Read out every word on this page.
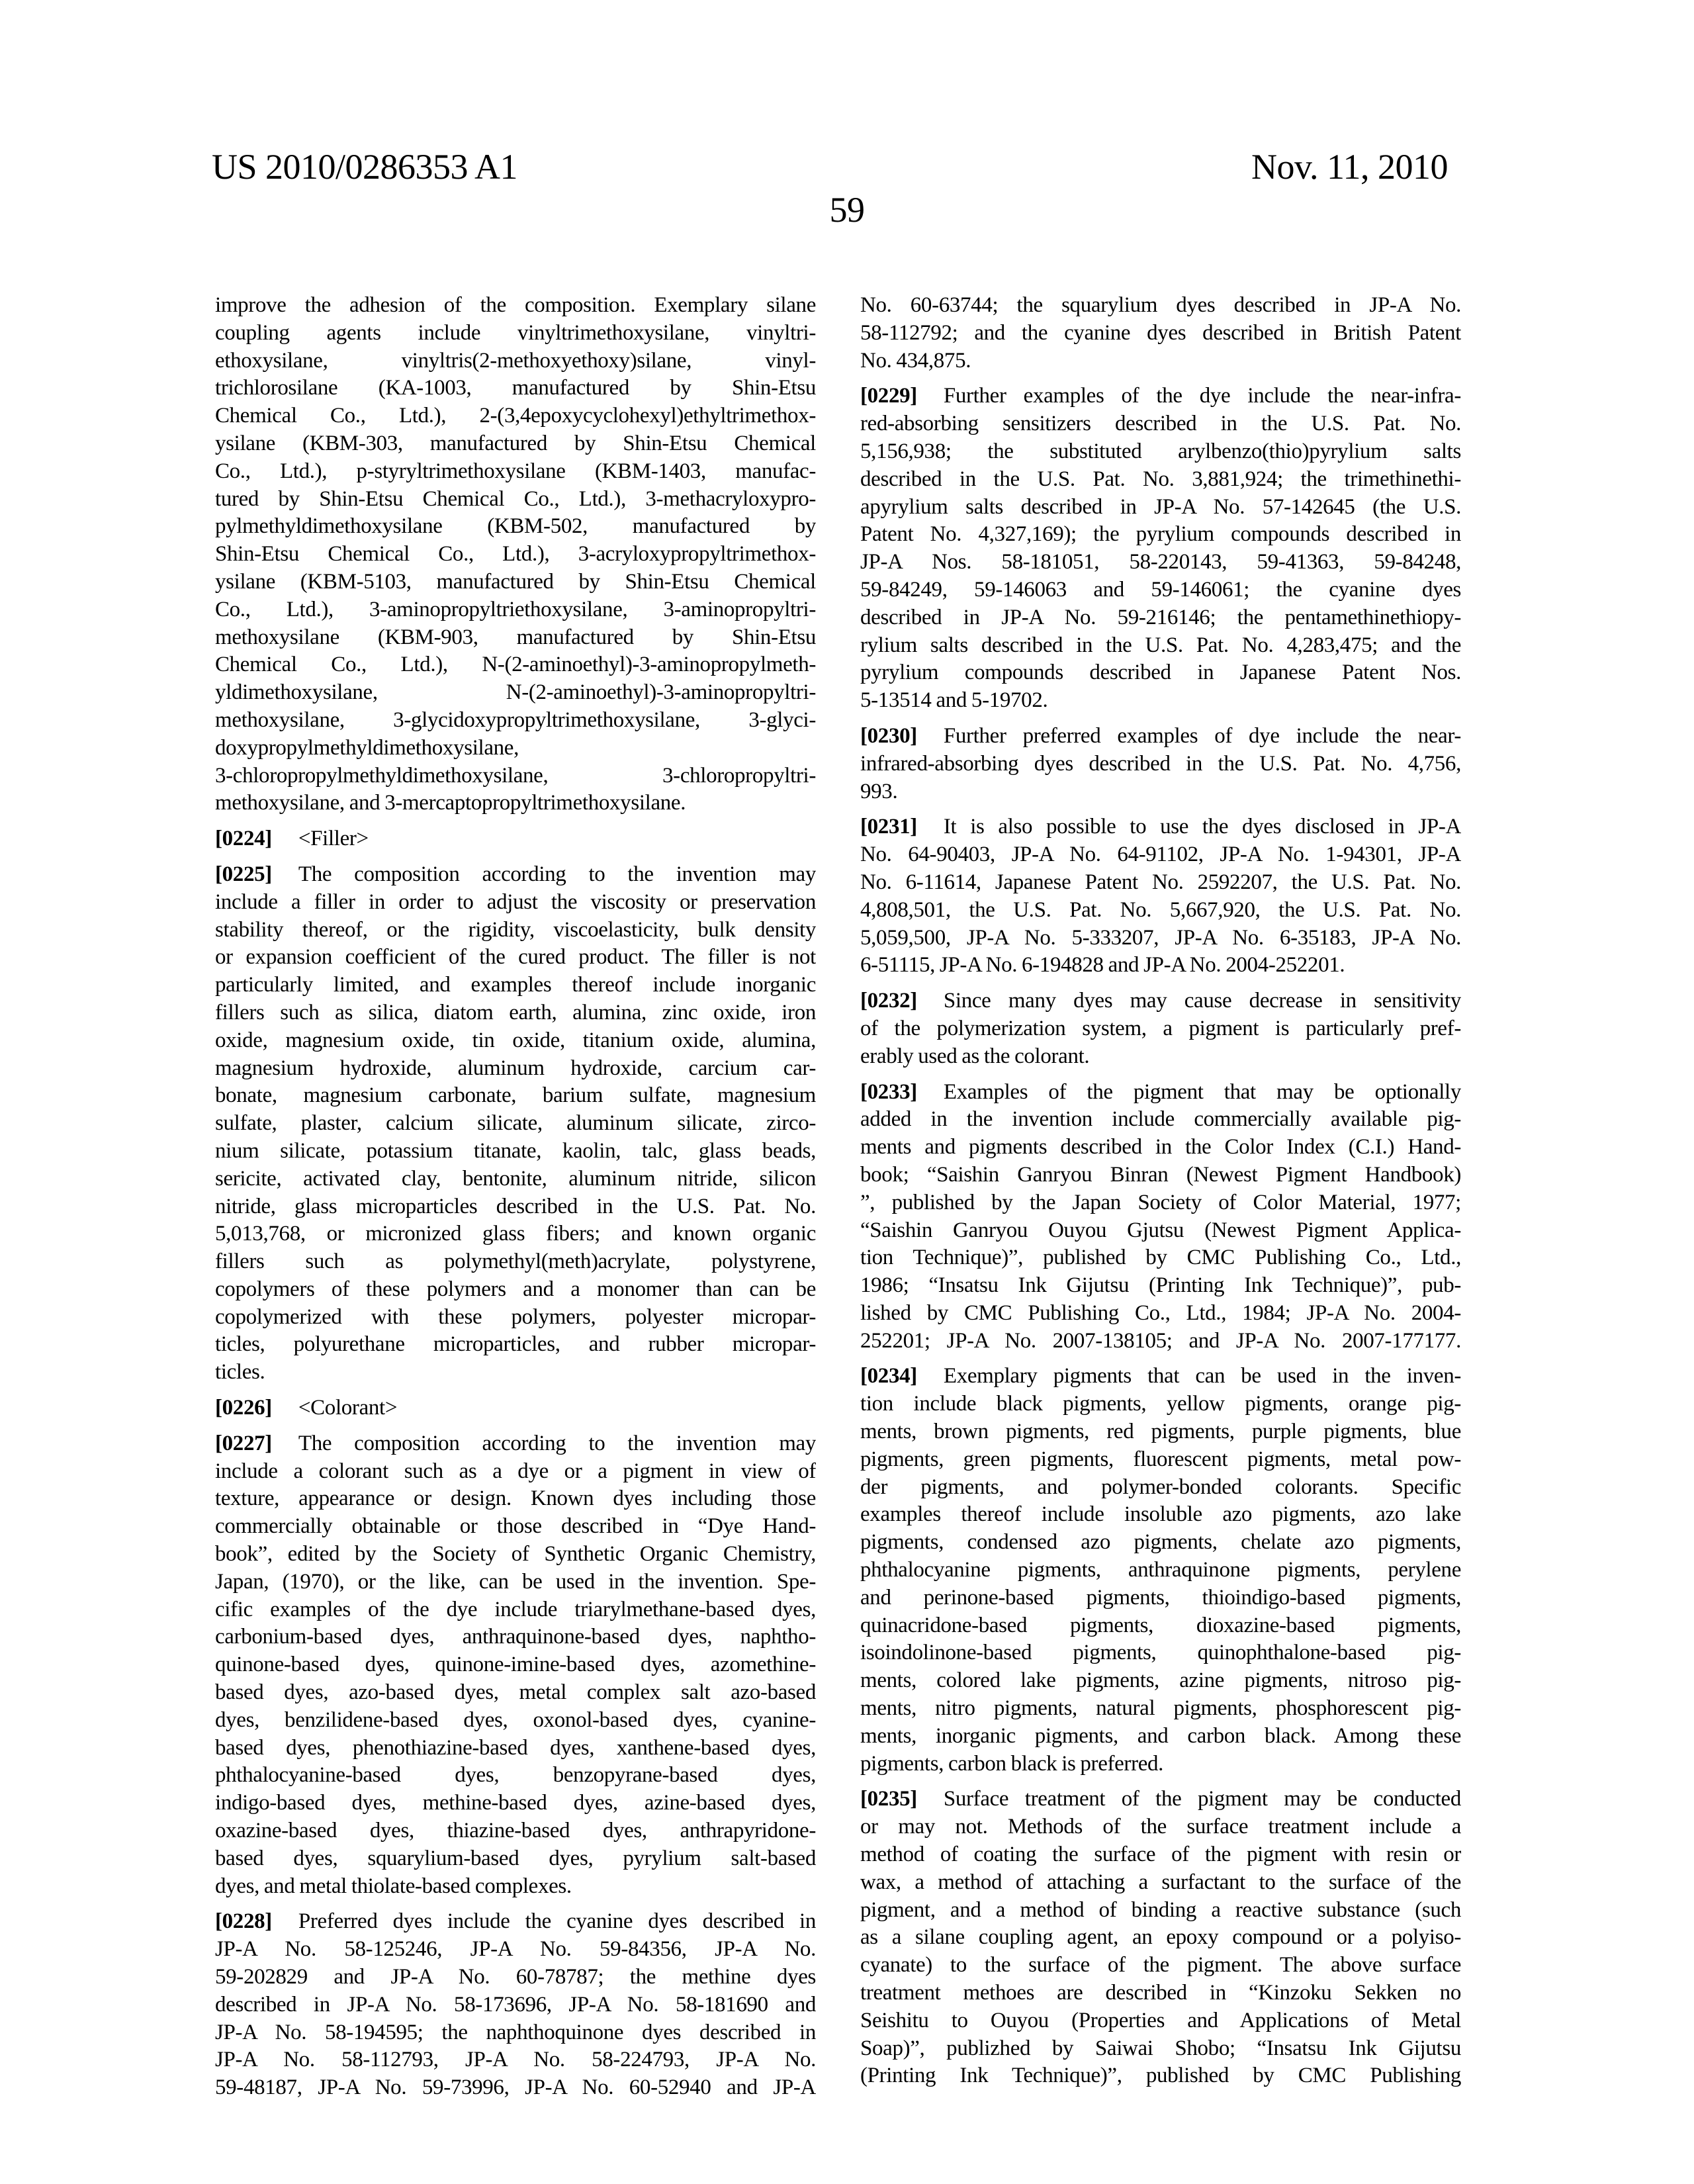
US 2010/0286353 A1	Nov. 11, 2010
59
improve the adhesion of the composition. Exemplary silane
coupling agents include vinyltrimethoxysilane, vinyltri-
ethoxysilane, vinyltris(2-methoxyethoxy)silane, vinyl-
trichlorosilane (KA-1003, manufactured by Shin-Etsu
Chemical Co., Ltd.), 2-(3,4epoxycyclohexyl)ethyltrimethox-
ysilane (KBM-303, manufactured by Shin-Etsu Chemical
Co., Ltd.), p-styryltrimethoxysilane (KBM-1403, manufac-
tured by Shin-Etsu Chemical Co., Ltd.), 3-methacryloxypro-
pylmethyldimethoxysilane (KBM-502, manufactured by
Shin-Etsu Chemical Co., Ltd.), 3-acryloxypropyltrimethox-
ysilane (KBM-5103, manufactured by Shin-Etsu Chemical
Co., Ltd.), 3-aminopropyltriethoxysilane, 3-aminopropyltri-
methoxysilane (KBM-903, manufactured by Shin-Etsu
Chemical Co., Ltd.), N-(2-aminoethyl)-3-aminopropylmeth-
yldimethoxysilane, N-(2-aminoethyl)-3-aminopropyltri-
methoxysilane, 3-glycidoxypropyltrimethoxysilane, 3-glyci-
doxypropylmethyldimethoxysilane,
3-chloropropylmethyldimethoxysilane, 3-chloropropyltri-
methoxysilane, and 3-mercaptopropyltrimethoxysilane.
[0224] <Filler>
[0225] The composition according to the invention may
include a filler in order to adjust the viscosity or preservation
stability thereof, or the rigidity, viscoelasticity, bulk density
or expansion coefficient of the cured product. The filler is not
particularly limited, and examples thereof include inorganic
fillers such as silica, diatom earth, alumina, zinc oxide, iron
oxide, magnesium oxide, tin oxide, titanium oxide, alumina,
magnesium hydroxide, aluminum hydroxide, carcium car-
bonate, magnesium carbonate, barium sulfate, magnesium
sulfate, plaster, calcium silicate, aluminum silicate, zirco-
nium silicate, potassium titanate, kaolin, talc, glass beads,
sericite, activated clay, bentonite, aluminum nitride, silicon
nitride, glass microparticles described in the U.S. Pat. No.
5,013,768, or micronized glass fibers; and known organic
fillers such as polymethyl(meth)acrylate, polystyrene,
copolymers of these polymers and a monomer than can be
copolymerized with these polymers, polyester micropar-
ticles, polyurethane microparticles, and rubber micropar-
ticles.
[0226] <Colorant>
[0227] The composition according to the invention may
include a colorant such as a dye or a pigment in view of
texture, appearance or design. Known dyes including those
commercially obtainable or those described in “Dye Hand-
book”, edited by the Society of Synthetic Organic Chemistry,
Japan, (1970), or the like, can be used in the invention. Spe-
cific examples of the dye include triarylmethane-based dyes,
carbonium-based dyes, anthraquinone-based dyes, naphtho-
quinone-based dyes, quinone-imine-based dyes, azomethine-
based dyes, azo-based dyes, metal complex salt azo-based
dyes, benzilidene-based dyes, oxonol-based dyes, cyanine-
based dyes, phenothiazine-based dyes, xanthene-based dyes,
phthalocyanine-based dyes, benzopyrane-based dyes,
indigo-based dyes, methine-based dyes, azine-based dyes,
oxazine-based dyes, thiazine-based dyes, anthrapyridone-
based dyes, squarylium-based dyes, pyrylium salt-based
dyes, and metal thiolate-based complexes.
[0228] Preferred dyes include the cyanine dyes described in
JP-A No. 58-125246, JP-A No. 59-84356, JP-A No.
59-202829 and JP-A No. 60-78787; the methine dyes
described in JP-A No. 58-173696, JP-A No. 58-181690 and
JP-A No. 58-194595; the naphthoquinone dyes described in
JP-A No. 58-112793, JP-A No. 58-224793, JP-A No.
59-48187, JP-A No. 59-73996, JP-A No. 60-52940 and JP-A
No. 60-63744; the squarylium dyes described in JP-A No.
58-112792; and the cyanine dyes described in British Patent
No. 434,875.
[0229] Further examples of the dye include the near-infra-
red-absorbing sensitizers described in the U.S. Pat. No.
5,156,938; the substituted arylbenzo(thio)pyrylium salts
described in the U.S. Pat. No. 3,881,924; the trimethinethi-
apyrylium salts described in JP-A No. 57-142645 (the U.S.
Patent No. 4,327,169); the pyrylium compounds described in
JP-A Nos. 58-181051, 58-220143, 59-41363, 59-84248,
59-84249, 59-146063 and 59-146061; the cyanine dyes
described in JP-A No. 59-216146; the pentamethinethiopy-
rylium salts described in the U.S. Pat. No. 4,283,475; and the
pyrylium compounds described in Japanese Patent Nos.
5-13514 and 5-19702.
[0230] Further preferred examples of dye include the near-
infrared-absorbing dyes described in the U.S. Pat. No. 4,756,
993.
[0231] It is also possible to use the dyes disclosed in JP-A
No. 64-90403, JP-A No. 64-91102, JP-A No. 1-94301, JP-A
No. 6-11614, Japanese Patent No. 2592207, the U.S. Pat. No.
4,808,501, the U.S. Pat. No. 5,667,920, the U.S. Pat. No.
5,059,500, JP-A No. 5-333207, JP-A No. 6-35183, JP-A No.
6-51115, JP-A No. 6-194828 and JP-A No. 2004-252201.
[0232] Since many dyes may cause decrease in sensitivity
of the polymerization system, a pigment is particularly pref-
erably used as the colorant.
[0233] Examples of the pigment that may be optionally
added in the invention include commercially available pig-
ments and pigments described in the Color Index (C.I.) Hand-
book; “Saishin Ganryou Binran (Newest Pigment Handbook)
”, published by the Japan Society of Color Material, 1977;
“Saishin Ganryou Ouyou Gjutsu (Newest Pigment Applica-
tion Technique)”, published by CMC Publishing Co., Ltd.,
1986; “Insatsu Ink Gijutsu (Printing Ink Technique)”, pub-
lished by CMC Publishing Co., Ltd., 1984; JP-A No. 2004-
252201; JP-A No. 2007-138105; and JP-A No. 2007-177177.
[0234] Exemplary pigments that can be used in the inven-
tion include black pigments, yellow pigments, orange pig-
ments, brown pigments, red pigments, purple pigments, blue
pigments, green pigments, fluorescent pigments, metal pow-
der pigments, and polymer-bonded colorants. Specific
examples thereof include insoluble azo pigments, azo lake
pigments, condensed azo pigments, chelate azo pigments,
phthalocyanine pigments, anthraquinone pigments, perylene
and perinone-based pigments, thioindigo-based pigments,
quinacridone-based pigments, dioxazine-based pigments,
isoindolinone-based pigments, quinophthalone-based pig-
ments, colored lake pigments, azine pigments, nitroso pig-
ments, nitro pigments, natural pigments, phosphorescent pig-
ments, inorganic pigments, and carbon black. Among these
pigments, carbon black is preferred.
[0235] Surface treatment of the pigment may be conducted
or may not. Methods of the surface treatment include a
method of coating the surface of the pigment with resin or
wax, a method of attaching a surfactant to the surface of the
pigment, and a method of binding a reactive substance (such
as a silane coupling agent, an epoxy compound or a polyiso-
cyanate) to the surface of the pigment. The above surface
treatment methoes are described in “Kinzoku Sekken no
Seishitu to Ouyou (Properties and Applications of Metal
Soap)”, publizhed by Saiwai Shobo; “Insatsu Ink Gijutsu
(Printing Ink Technique)”, published by CMC Publishing
